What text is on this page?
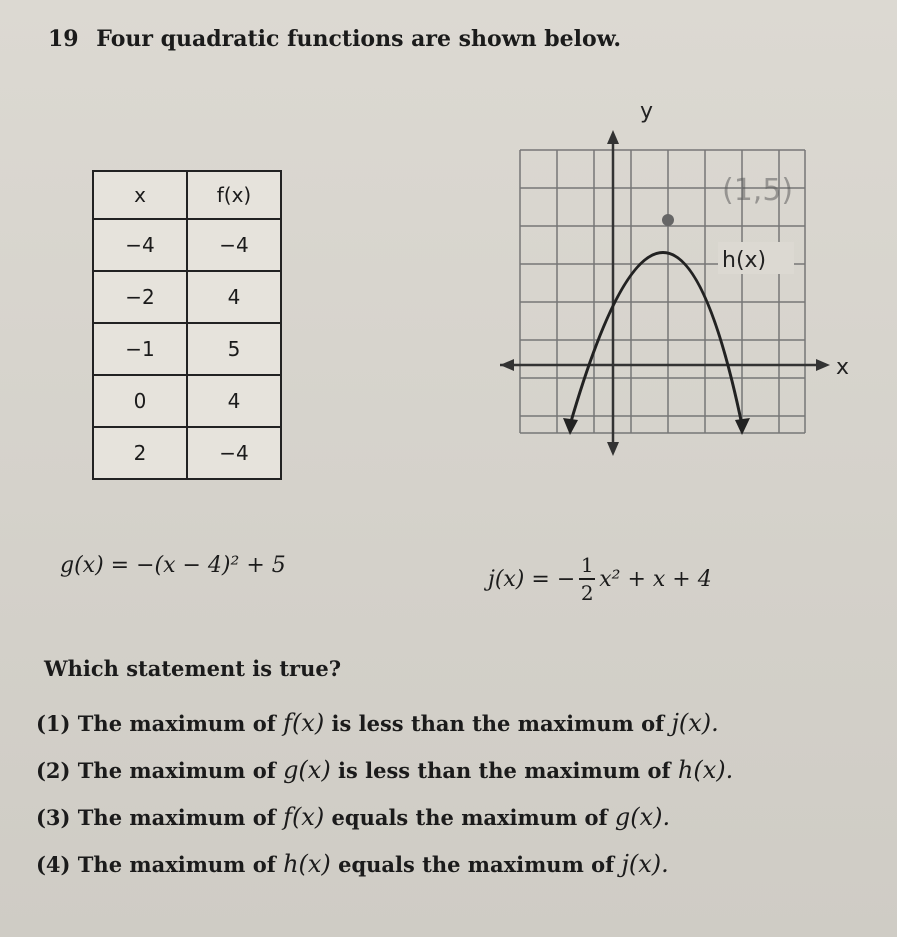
19 Four quadratic functions are shown below.
x	f(x)
−4	−4
−2	4
−1	5
0	4
2	−4
y
x
h(x)
(1,5)
g(x) = −(x − 4)² + 5
j(x) = − $\frac{1}{2} x^2 + x + 4$
Which statement is true?
(1) The maximum of f(x) is less than the maximum of j(x).
(2) The maximum of g(x) is less than the maximum of h(x).
(3) The maximum of f(x) equals the maximum of g(x).
(4) The maximum of h(x) equals the maximum of j(x).
